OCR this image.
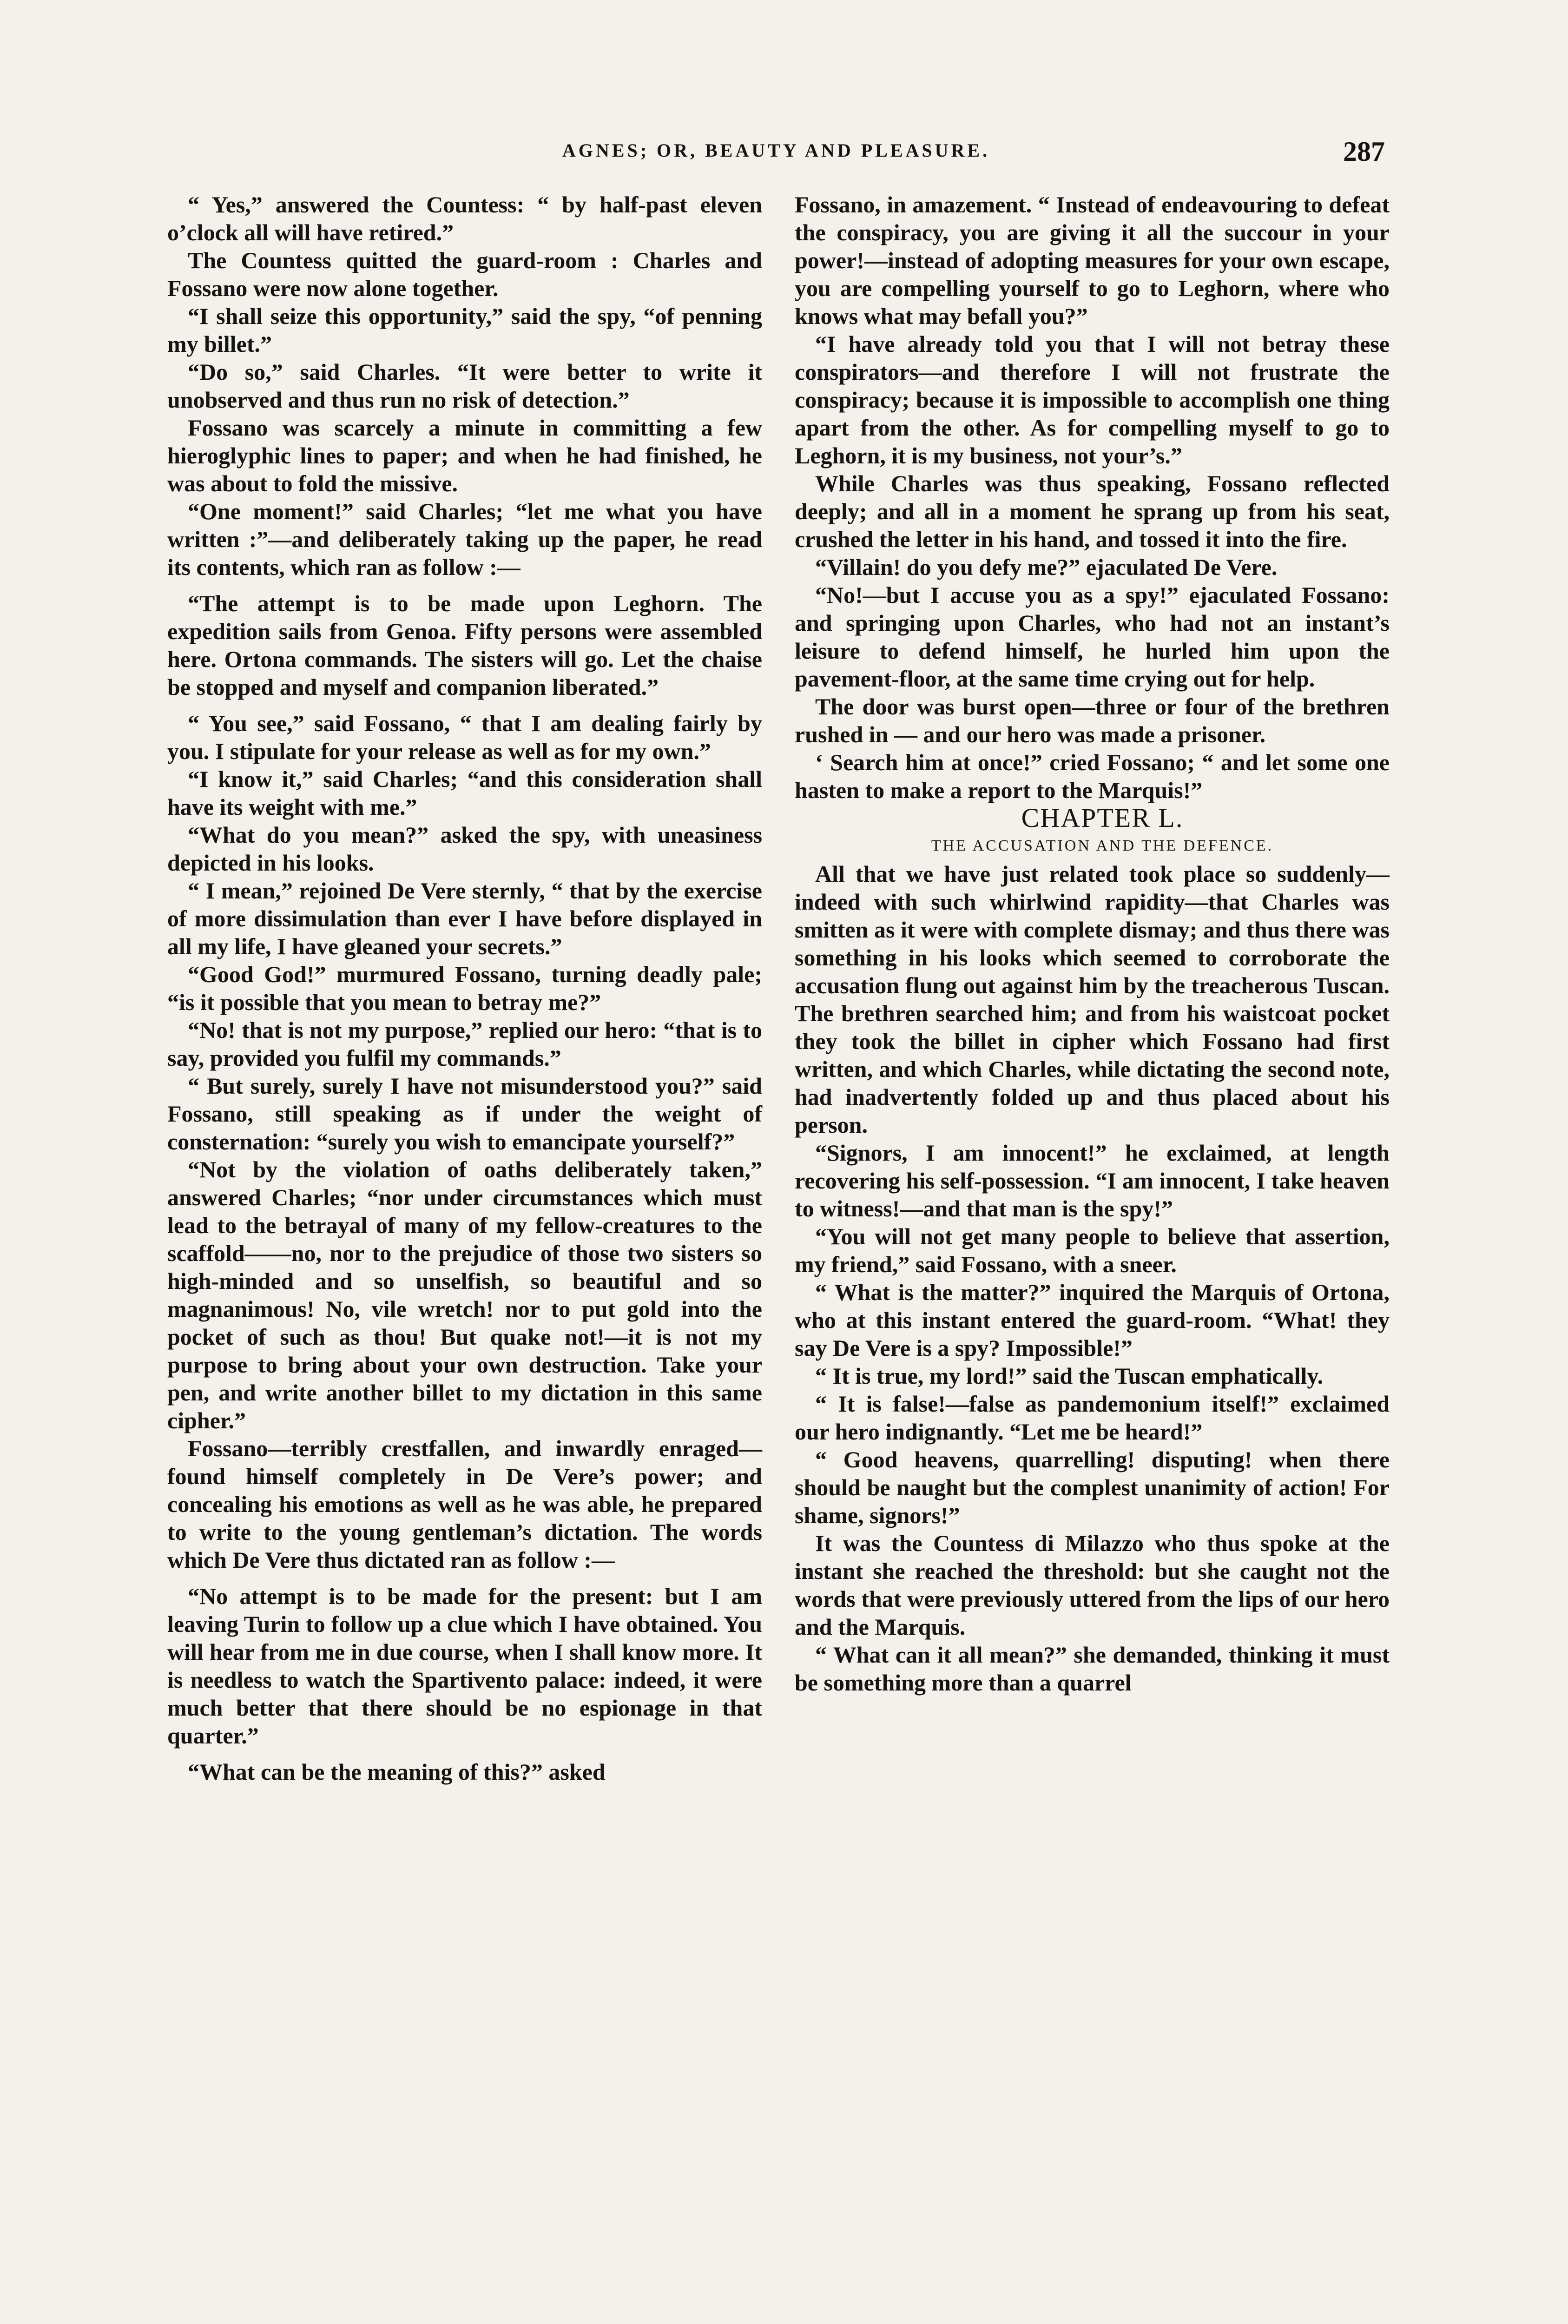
AGNES; OR, BEAUTY AND PLEASURE.	287

“ Yes,” answered the Countess: “ by half-past eleven o’clock all will have retired.”

The Countess quitted the guard-room : Charles and Fossano were now alone together.

“I shall seize this opportunity,” said the spy, “of penning my billet.”

“Do so,” said Charles. “It were better to write it unobserved and thus run no risk of detection.”

Fossano was scarcely a minute in committing a few hieroglyphic lines to paper; and when he had finished, he was about to fold the missive.

“One moment!” said Charles; “let me what you have written :”—and deliberately taking up the paper, he read its contents, which ran as follow :—

“The attempt is to be made upon Leghorn. The expedition sails from Genoa. Fifty persons were assembled here. Ortona commands. The sisters will go. Let the chaise be stopped and myself and companion liberated.”

“ You see,” said Fossano, “ that I am dealing fairly by you. I stipulate for your release as well as for my own.”

“I know it,” said Charles; “and this consideration shall have its weight with me.”

“What do you mean?” asked the spy, with uneasiness depicted in his looks.

“ I mean,” rejoined De Vere sternly, “ that by the exercise of more dissimulation than ever I have before displayed in all my life, I have gleaned your secrets.”

“Good God!” murmured Fossano, turning deadly pale; “is it possible that you mean to betray me?”

“No! that is not my purpose,” replied our hero: “that is to say, provided you fulfil my commands.”

“ But surely, surely I have not misunderstood you?” said Fossano, still speaking as if under the weight of consternation: “surely you wish to emancipate yourself?”

“Not by the violation of oaths deliberately taken,” answered Charles; “nor under circumstances which must lead to the betrayal of many of my fellow-creatures to the scaffold——no, nor to the prejudice of those two sisters so high-minded and so unselfish, so beautiful and so magnanimous! No, vile wretch! nor to put gold into the pocket of such as thou! But quake not!—it is not my purpose to bring about your own destruction. Take your pen, and write another billet to my dictation in this same cipher.”

Fossano—terribly crestfallen, and inwardly enraged—found himself completely in De Vere’s power; and concealing his emotions as well as he was able, he prepared to write to the young gentleman’s dictation. The words which De Vere thus dictated ran as follow :—

“No attempt is to be made for the present: but I am leaving Turin to follow up a clue which I have obtained. You will hear from me in due course, when I shall know more. It is needless to watch the Spartivento palace: indeed, it were much better that there should be no espionage in that quarter.”

“What can be the meaning of this?” asked

Fossano, in amazement. “ Instead of endeavouring to defeat the conspiracy, you are giving it all the succour in your power!—instead of adopting measures for your own escape, you are compelling yourself to go to Leghorn, where who knows what may befall you?”

“I have already told you that I will not betray these conspirators—and therefore I will not frustrate the conspiracy; because it is impossible to accomplish one thing apart from the other. As for compelling myself to go to Leghorn, it is my business, not your’s.”

While Charles was thus speaking, Fossano reflected deeply; and all in a moment he sprang up from his seat, crushed the letter in his hand, and tossed it into the fire.

“Villain! do you defy me?” ejaculated De Vere.

“No!—but I accuse you as a spy!” ejaculated Fossano: and springing upon Charles, who had not an instant’s leisure to defend himself, he hurled him upon the pavement-floor, at the same time crying out for help.

The door was burst open—three or four of the brethren rushed in — and our hero was made a prisoner.

‘ Search him at once!” cried Fossano; “ and let some one hasten to make a report to the Marquis!”

CHAPTER L.

THE ACCUSATION AND THE DEFENCE.

All that we have just related took place so suddenly—indeed with such whirlwind rapidity—that Charles was smitten as it were with complete dismay; and thus there was something in his looks which seemed to corroborate the accusation flung out against him by the treacherous Tuscan. The brethren searched him; and from his waistcoat pocket they took the billet in cipher which Fossano had first written, and which Charles, while dictating the second note, had inadvertently folded up and thus placed about his person.

“Signors, I am innocent!” he exclaimed, at length recovering his self-possession. “I am innocent, I take heaven to witness!—and that man is the spy!”

“You will not get many people to believe that assertion, my friend,” said Fossano, with a sneer.

“ What is the matter?” inquired the Marquis of Ortona, who at this instant entered the guard-room. “What! they say De Vere is a spy? Impossible!”

“ It is true, my lord!” said the Tuscan emphatically.

“ It is false!—false as pandemonium itself!” exclaimed our hero indignantly. “Let me be heard!”

“ Good heavens, quarrelling! disputing! when there should be naught but the complest unanimity of action! For shame, signors!”

It was the Countess di Milazzo who thus spoke at the instant she reached the threshold: but she caught not the words that were previously uttered from the lips of our hero and the Marquis.

“ What can it all mean?” she demanded, thinking it must be something more than a quarrel
